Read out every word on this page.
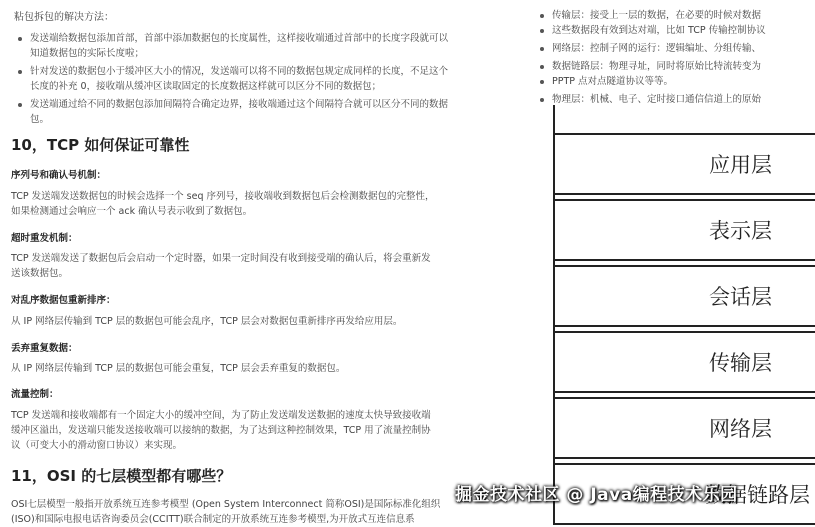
粘包拆包的解决方法：

发送端给数据包添加首部，首部中添加数据包的长度属性，这样接收端通过首部中的长度字段就可以知道数据包的实际长度啦；
针对发送的数据包小于缓冲区大小的情况，发送端可以将不同的数据包规定成同样的长度，不足这个长度的补充 0，接收端从缓冲区读取固定的长度数据这样就可以区分不同的数据包；
发送端通过给不同的数据包添加间隔符合确定边界，接收端通过这个间隔符合就可以区分不同的数据包。
10，TCP 如何保证可靠性
序列号和确认号机制：

TCP 发送端发送数据包的时候会选择一个 seq 序列号，接收端收到数据包后会检测数据包的完整性，如果检测通过会响应一个 ack 确认号表示收到了数据包。

超时重发机制：

TCP 发送端发送了数据包后会启动一个定时器，如果一定时间没有收到接受端的确认后，将会重新发送该数据包。

对乱序数据包重新排序：

从 IP 网络层传输到 TCP 层的数据包可能会乱序，TCP 层会对数据包重新排序再发给应用层。

丢弃重复数据：

从 IP 网络层传输到 TCP 层的数据包可能会重复，TCP 层会丢弃重复的数据包。

流量控制：

TCP 发送端和接收端都有一个固定大小的缓冲空间，为了防止发送端发送数据的速度太快导致接收端缓冲区溢出，发送端只能发送接收端可以接纳的数据，为了达到这种控制效果，TCP 用了流量控制协议（可变大小的滑动窗口协议）来实现。

11，OSI 的七层模型都有哪些？

OSI七层模型一般指开放系统互连参考模型 (Open System Interconnect 简称OSI)是国际标准化组织(ISO)和国际电报电话咨询委员会(CCITT)联合制定的开放系统互连参考模型,为开放式互连信息系

传输层：接受上一层的数据，在必要的时候对数据
这些数据段有效到达对端，比如 TCP 传输控制协议
网络层：控制子网的运行：逻辑编址、分组传输、
数据链路层：物理寻址，同时将原始比特流转变为
PPTP 点对点隧道协议等等。
物理层：机械、电子、定时接口通信信道上的原始
应用层
表示层
会话层
传输层
网络层
数据链路层
掘金技术社区 @ Java编程技术乐园
